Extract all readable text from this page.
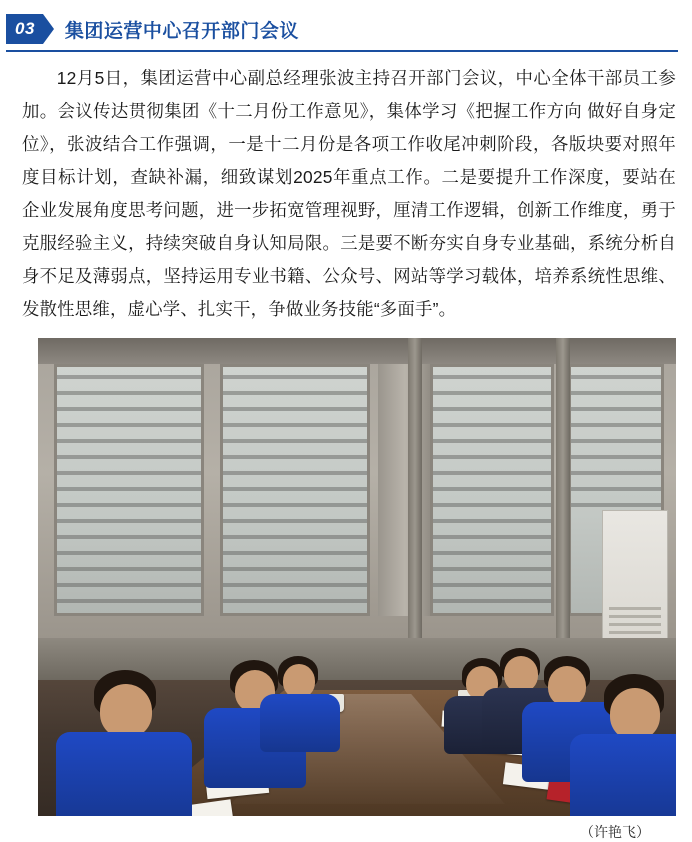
03	集团运营中心召开部门会议
12月5日，集团运营中心副总经理张波主持召开部门会议，中心全体干部员工参加。会议传达贯彻集团《十二月份工作意见》，集体学习《把握工作方向 做好自身定位》，张波结合工作强调，一是十二月份是各项工作收尾冲刺阶段，各版块要对照年度目标计划，查缺补漏，细致谋划2025年重点工作。二是要提升工作深度，要站在企业发展角度思考问题，进一步拓宽管理视野，厘清工作逻辑，创新工作维度，勇于克服经验主义，持续突破自身认知局限。三是要不断夯实自身专业基础，系统分析自身不足及薄弱点，坚持运用专业书籍、公众号、网站等学习载体，培养系统性思维、发散性思维，虚心学、扎实干，争做业务技能“多面手”。
（许艳飞）
